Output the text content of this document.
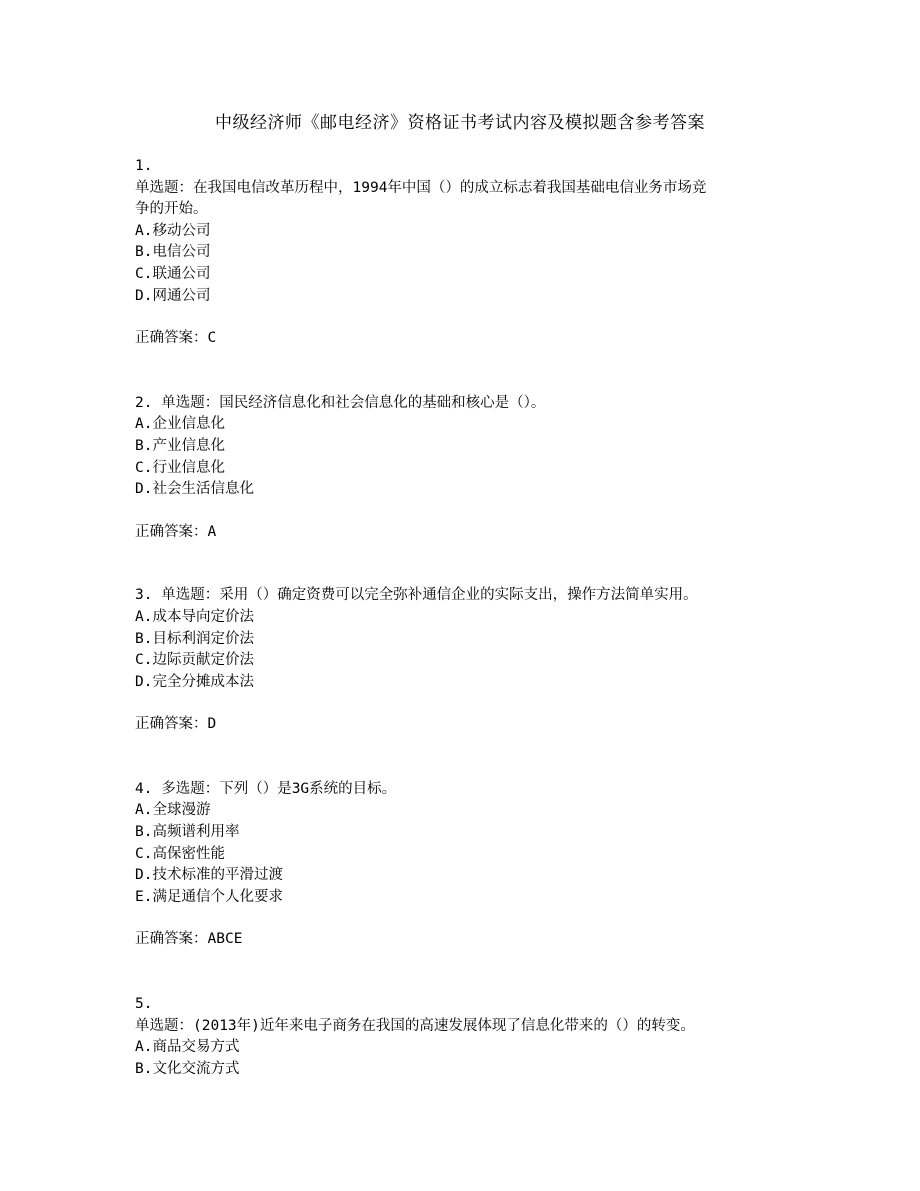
中级经济师《邮电经济》资格证书考试内容及模拟题含参考答案
1.
单选题：在我国电信改革历程中，1994年中国（）的成立标志着我国基础电信业务市场竞
争的开始。
A.移动公司
B.电信公司
C.联通公司
D.网通公司
正确答案：C
2. 单选题：国民经济信息化和社会信息化的基础和核心是（）。
A.企业信息化
B.产业信息化
C.行业信息化
D.社会生活信息化
正确答案：A
3. 单选题：采用（）确定资费可以完全弥补通信企业的实际支出，操作方法简单实用。
A.成本导向定价法
B.目标利润定价法
C.边际贡献定价法
D.完全分摊成本法
正确答案：D
4. 多选题：下列（）是3G系统的目标。
A.全球漫游
B.高频谱利用率
C.高保密性能
D.技术标准的平滑过渡
E.满足通信个人化要求
正确答案：ABCE
5.
单选题：(2013年)近年来电子商务在我国的高速发展体现了信息化带来的（）的转变。
A.商品交易方式
B.文化交流方式
